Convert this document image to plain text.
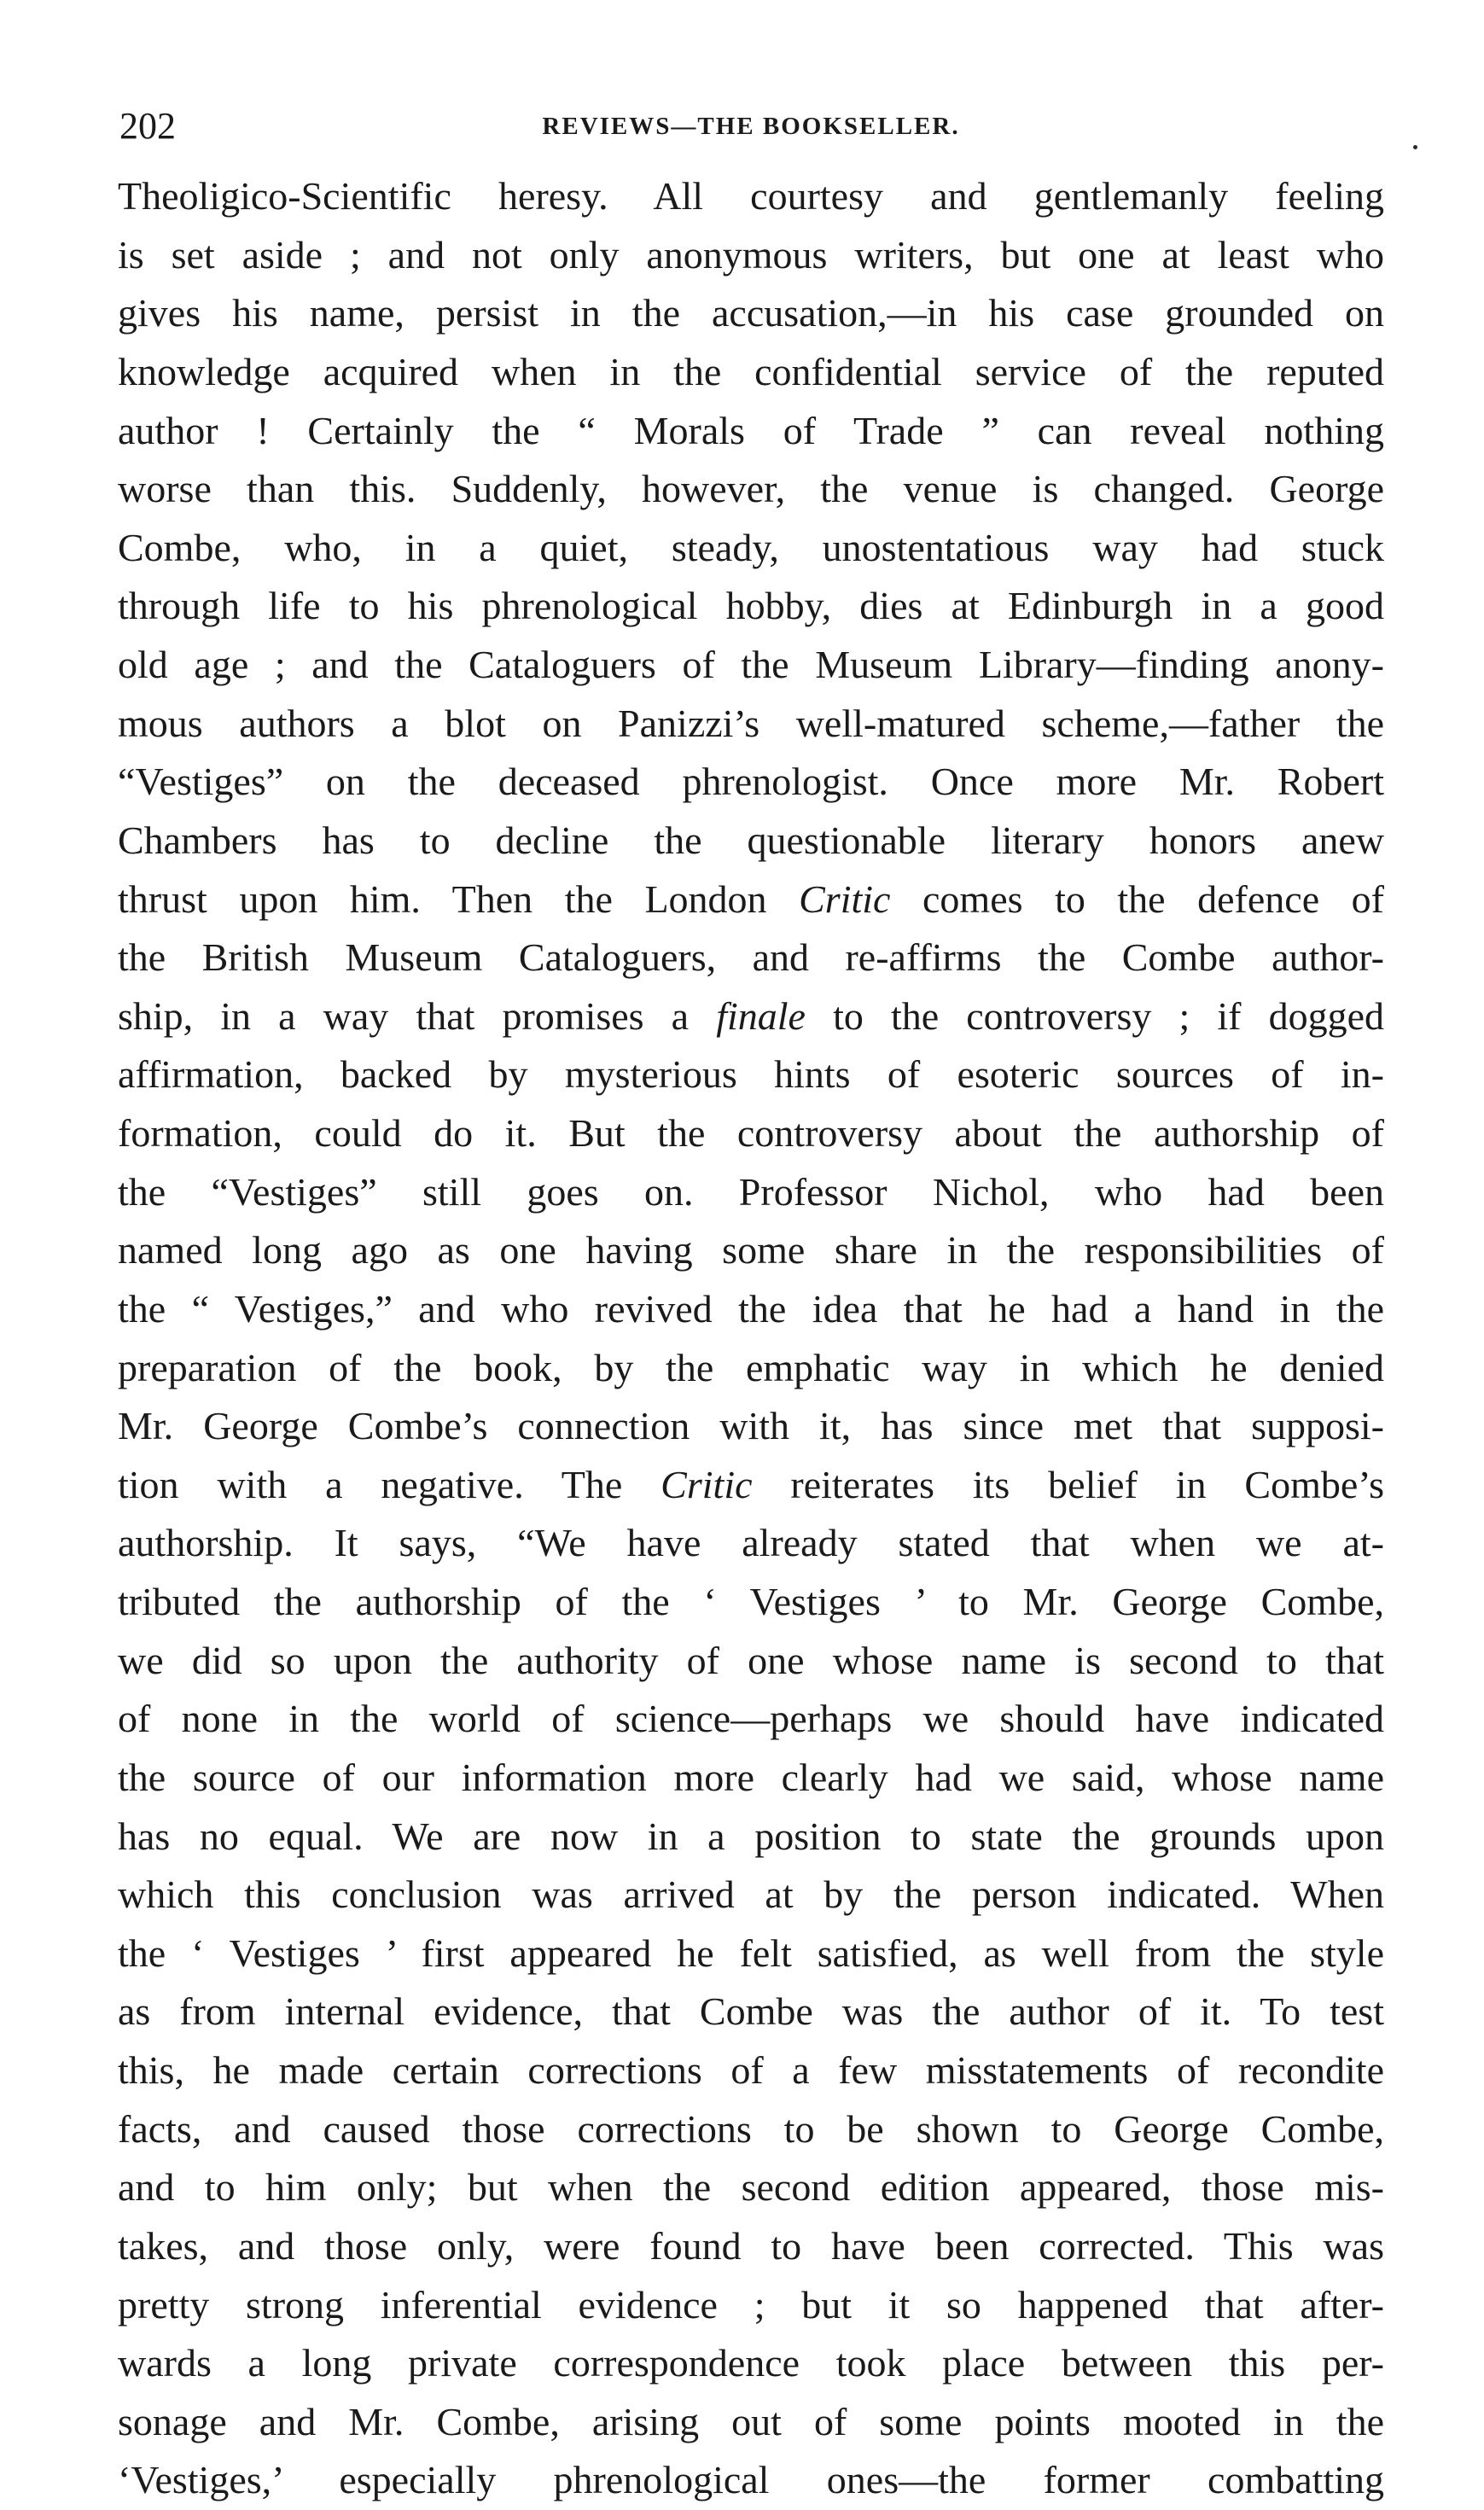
202	REVIEWS—THE BOOKSELLER.
Theoligico-Scientific heresy. All courtesy and gentlemanly feeling
is set aside ; and not only anonymous writers, but one at least who
gives his name, persist in the accusation,—in his case grounded on
knowledge acquired when in the confidential service of the reputed
author ! Certainly the “ Morals of Trade ” can reveal nothing
worse than this. Suddenly, however, the venue is changed. George
Combe, who, in a quiet, steady, unostentatious way had stuck
through life to his phrenological hobby, dies at Edinburgh in a good
old age ; and the Cataloguers of the Museum Library—finding anony-
mous authors a blot on Panizzi’s well-matured scheme,—father the
“Vestiges” on the deceased phrenologist. Once more Mr. Robert
Chambers has to decline the questionable literary honors anew
thrust upon him. Then the London Critic comes to the defence of
the British Museum Cataloguers, and re-affirms the Combe author-
ship, in a way that promises a finale to the controversy ; if dogged
affirmation, backed by mysterious hints of esoteric sources of in-
formation, could do it. But the controversy about the authorship of
the “Vestiges” still goes on. Professor Nichol, who had been
named long ago as one having some share in the responsibilities of
the “ Vestiges,” and who revived the idea that he had a hand in the
preparation of the book, by the emphatic way in which he denied
Mr. George Combe’s connection with it, has since met that supposi-
tion with a negative. The Critic reiterates its belief in Combe’s
authorship. It says, “We have already stated that when we at-
tributed the authorship of the ‘ Vestiges ’ to Mr. George Combe,
we did so upon the authority of one whose name is second to that
of none in the world of science—perhaps we should have indicated
the source of our information more clearly had we said, whose name
has no equal. We are now in a position to state the grounds upon
which this conclusion was arrived at by the person indicated. When
the ‘ Vestiges ’ first appeared he felt satisfied, as well from the style
as from internal evidence, that Combe was the author of it. To test
this, he made certain corrections of a few misstatements of recondite
facts, and caused those corrections to be shown to George Combe,
and to him only; but when the second edition appeared, those mis-
takes, and those only, were found to have been corrected. This was
pretty strong inferential evidence ; but it so happened that after-
wards a long private correspondence took place between this per-
sonage and Mr. Combe, arising out of some points mooted in the
‘Vestiges,’ especially phrenological ones—the former combatting
